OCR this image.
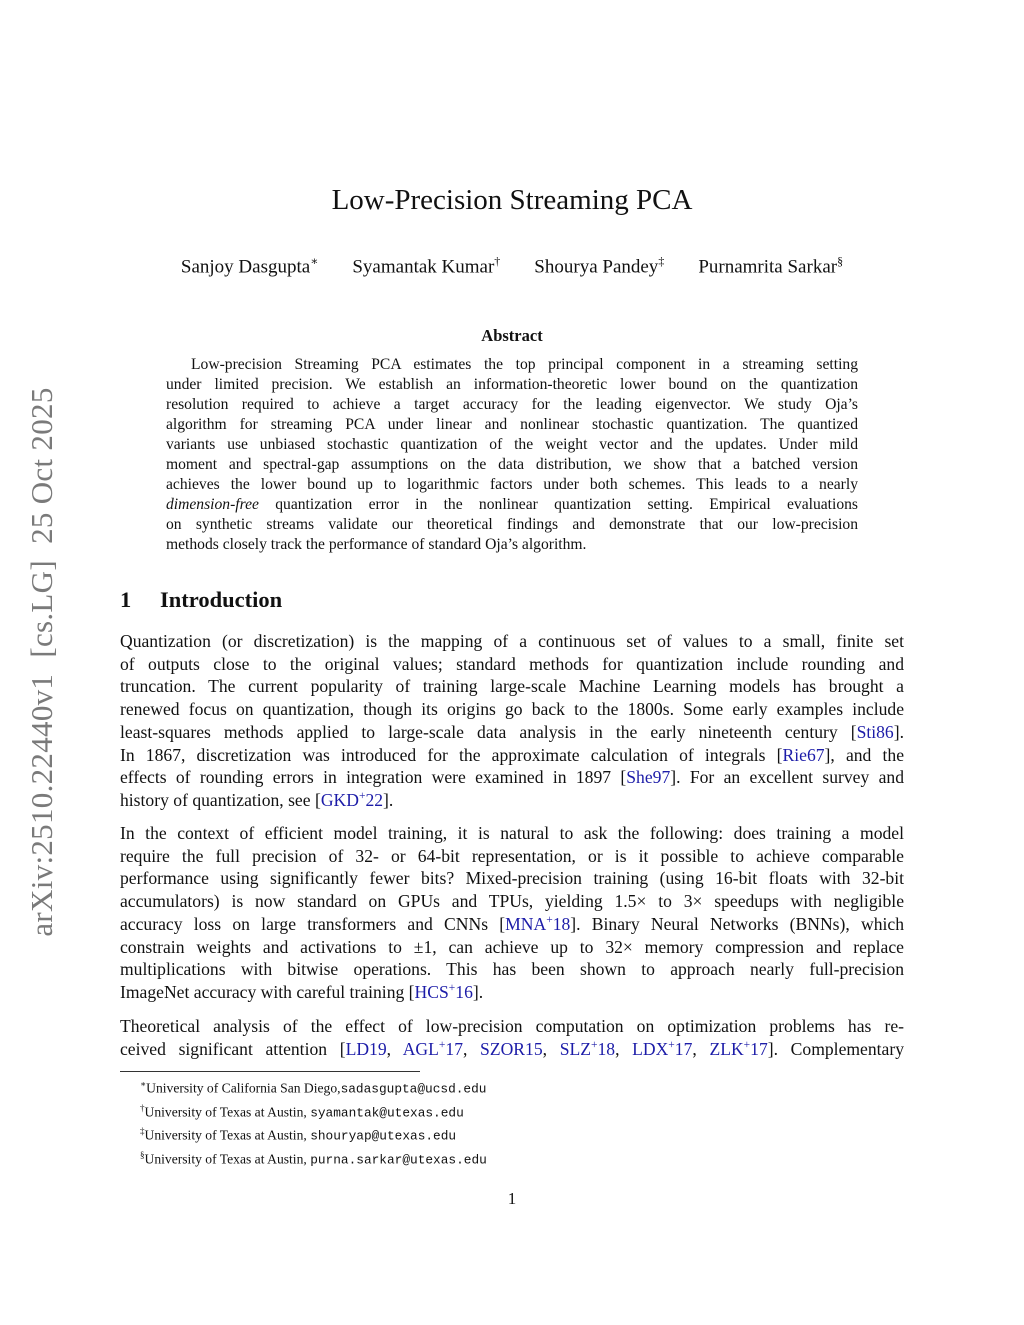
arXiv:2510.22440v1  [cs.LG]  25 Oct 2025
Low-Precision Streaming PCA
Sanjoy Dasgupta∗ Syamantak Kumar† Shourya Pandey‡ Purnamrita Sarkar§
Abstract
Low-precision Streaming PCA estimates the top principal component in a streaming setting
under limited precision. We establish an information-theoretic lower bound on the quantization
resolution required to achieve a target accuracy for the leading eigenvector. We study Oja’s
algorithm for streaming PCA under linear and nonlinear stochastic quantization. The quantized
variants use unbiased stochastic quantization of the weight vector and the updates. Under mild
moment and spectral-gap assumptions on the data distribution, we show that a batched version
achieves the lower bound up to logarithmic factors under both schemes. This leads to a nearly
dimension-free quantization error in the nonlinear quantization setting. Empirical evaluations
on synthetic streams validate our theoretical findings and demonstrate that our low-precision
methods closely track the performance of standard Oja’s algorithm.
1 Introduction
Quantization (or discretization) is the mapping of a continuous set of values to a small, finite set
of outputs close to the original values; standard methods for quantization include rounding and
truncation. The current popularity of training large-scale Machine Learning models has brought a
renewed focus on quantization, though its origins go back to the 1800s. Some early examples include
least-squares methods applied to large-scale data analysis in the early nineteenth century [Sti86].
In 1867, discretization was introduced for the approximate calculation of integrals [Rie67], and the
effects of rounding errors in integration were examined in 1897 [She97]. For an excellent survey and
history of quantization, see [GKD+22].
In the context of efficient model training, it is natural to ask the following: does training a model
require the full precision of 32- or 64-bit representation, or is it possible to achieve comparable
performance using significantly fewer bits? Mixed-precision training (using 16-bit floats with 32-bit
accumulators) is now standard on GPUs and TPUs, yielding 1.5× to 3× speedups with negligible
accuracy loss on large transformers and CNNs [MNA+18]. Binary Neural Networks (BNNs), which
constrain weights and activations to ±1, can achieve up to 32× memory compression and replace
multiplications with bitwise operations. This has been shown to approach nearly full-precision
ImageNet accuracy with careful training [HCS+16].
Theoretical analysis of the effect of low-precision computation on optimization problems has re-
ceived significant attention [LD19, AGL+17, SZOR15, SLZ+18, LDX+17, ZLK+17]. Complementary
∗University of California San Diego,sadasgupta@ucsd.edu
†University of Texas at Austin, syamantak@utexas.edu
‡University of Texas at Austin, shouryap@utexas.edu
§University of Texas at Austin, purna.sarkar@utexas.edu
1
